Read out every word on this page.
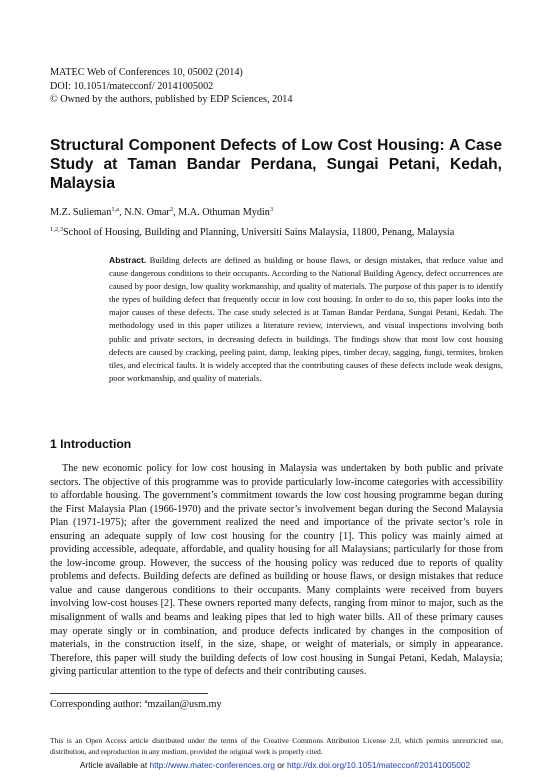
MATEC Web of Conferences 10, 05002 (2014)
DOI: 10.1051/matecconf/ 20141005002
© Owned by the authors, published by EDP Sciences, 2014
Structural Component Defects of Low Cost Housing: A Case Study at Taman Bandar Perdana, Sungai Petani, Kedah, Malaysia
M.Z. Sulieman$^{1,a}$, N.N. Omar$^2$, M.A. Othuman Mydin$^3$
$^{1,2,3}$School of Housing, Building and Planning, Universiti Sains Malaysia, 11800, Penang, Malaysia
Abstract. Building defects are defined as building or house flaws, or design mistakes, that reduce value and cause dangerous conditions to their occupants. According to the National Building Agency, defect occurrences are caused by poor design, low quality workmanship, and quality of materials. The purpose of this paper is to identify the types of building defect that frequently occur in low cost housing. In order to do so, this paper looks into the major causes of these defects. The case study selected is at Taman Bandar Perdana, Sungai Petani, Kedah. The methodology used in this paper utilizes a literature review, interviews, and visual inspections involving both public and private sectors, in decreasing defects in buildings. The findings show that most low cost housing defects are caused by cracking, peeling paint, damp, leaking pipes, timber decay, sagging, fungi, termites, broken tiles, and electrical faults. It is widely accepted that the contributing causes of these defects include weak designs, poor workmanship, and quality of materials.
1 Introduction
The new economic policy for low cost housing in Malaysia was undertaken by both public and private sectors. The objective of this programme was to provide particularly low-income categories with accessibility to affordable housing. The government’s commitment towards the low cost housing programme began during the First Malaysia Plan (1966-1970) and the private sector’s involvement began during the Second Malaysia Plan (1971-1975); after the government realized the need and importance of the private sector’s role in ensuring an adequate supply of low cost housing for the country [1]. This policy was mainly aimed at providing accessible, adequate, affordable, and quality housing for all Malaysians; particularly for those from the low-income group. However, the success of the housing policy was reduced due to reports of quality problems and defects. Building defects are defined as building or house flaws, or design mistakes that reduce value and cause dangerous conditions to their occupants. Many complaints were received from buyers involving low-cost houses [2]. These owners reported many defects, ranging from minor to major, such as the misalignment of walls and beams and leaking pipes that led to high water bills. All of these primary causes may operate singly or in combination, and produce defects indicated by changes in the composition of materials, in the construction itself, in the size, shape, or weight of materials, or simply in appearance. Therefore, this paper will study the building defects of low cost housing in Sungai Petani, Kedah, Malaysia; giving particular attention to the type of defects and their contributing causes.
Corresponding author: $^a$mzailan@usm.my
This is an Open Access article distributed under the terms of the Creative Commons Attribution License 2.0, which permits unrestricted use, distribution, and reproduction in any medium, provided the original work is properly cited.
Article available at http://www.matec-conferences.org or http://dx.doi.org/10.1051/matecconf/20141005002
